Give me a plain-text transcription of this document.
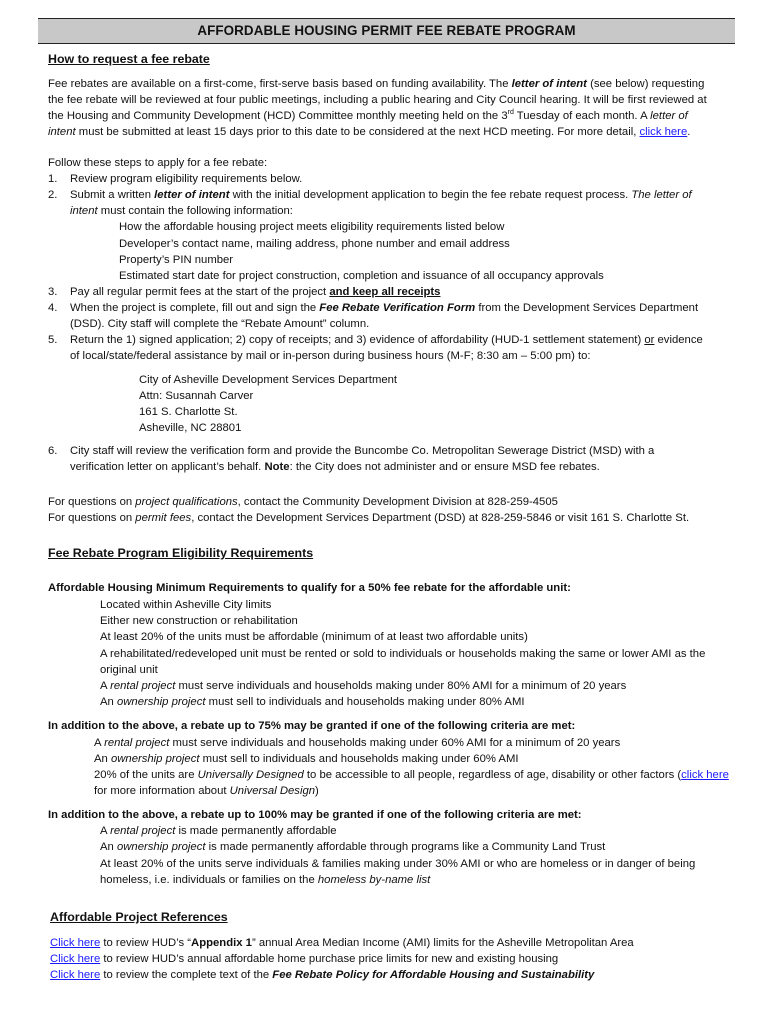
AFFORDABLE HOUSING PERMIT FEE REBATE PROGRAM
How to request a fee rebate
Fee rebates are available on a first-come, first-serve basis based on funding availability. The letter of intent (see below) requesting
the fee rebate will be reviewed at four public meetings, including a public hearing and City Council hearing. It will be first reviewed at
the Housing and Community Development (HCD) Committee monthly meeting held on the 3rd Tuesday of each month. A letter of
intent must be submitted at least 15 days prior to this date to be considered at the next HCD meeting. For more detail, click here.
Follow these steps to apply for a fee rebate:
1. Review program eligibility requirements below.
2. Submit a written letter of intent with the initial development application to begin the fee rebate request process. The letter of
intent must contain the following information:
How the affordable housing project meets eligibility requirements listed below
Developer’s contact name, mailing address, phone number and email address
Property’s PIN number
Estimated start date for project construction, completion and issuance of all occupancy approvals
3. Pay all regular permit fees at the start of the project and keep all receipts
4. When the project is complete, fill out and sign the Fee Rebate Verification Form from the Development Services Department
(DSD). City staff will complete the “Rebate Amount” column.
5. Return the 1) signed application; 2) copy of receipts; and 3) evidence of affordability (HUD-1 settlement statement) or evidence
of local/state/federal assistance by mail or in-person during business hours (M-F; 8:30 am – 5:00 pm) to:
City of Asheville Development Services Department
Attn: Susannah Carver
161 S. Charlotte St.
Asheville, NC 28801
6. City staff will review the verification form and provide the Buncombe Co. Metropolitan Sewerage District (MSD) with a
verification letter on applicant’s behalf. Note: the City does not administer and or ensure MSD fee rebates.
For questions on project qualifications, contact the Community Development Division at 828-259-4505
For questions on permit fees, contact the Development Services Department (DSD) at 828-259-5846 or visit 161 S. Charlotte St.
Fee Rebate Program Eligibility Requirements
Affordable Housing Minimum Requirements to qualify for a 50% fee rebate for the affordable unit:
Located within Asheville City limits
Either new construction or rehabilitation
At least 20% of the units must be affordable (minimum of at least two affordable units)
A rehabilitated/redeveloped unit must be rented or sold to individuals or households making the same or lower AMI as the
original unit
A rental project must serve individuals and households making under 80% AMI for a minimum of 20 years
An ownership project must sell to individuals and households making under 80% AMI
In addition to the above, a rebate up to 75% may be granted if one of the following criteria are met:
A rental project must serve individuals and households making under 60% AMI for a minimum of 20 years
An ownership project must sell to individuals and households making under 60% AMI
20% of the units are Universally Designed to be accessible to all people, regardless of age, disability or other factors (click here
for more information about Universal Design)
In addition to the above, a rebate up to 100% may be granted if one of the following criteria are met:
A rental project is made permanently affordable
An ownership project is made permanently affordable through programs like a Community Land Trust
At least 20% of the units serve individuals & families making under 30% AMI or who are homeless or in danger of being
homeless, i.e. individuals or families on the homeless by-name list
Affordable Project References
Click here to review HUD’s “Appendix 1” annual Area Median Income (AMI) limits for the Asheville Metropolitan Area
Click here to review HUD’s annual affordable home purchase price limits for new and existing housing
Click here to review the complete text of the Fee Rebate Policy for Affordable Housing and Sustainability
